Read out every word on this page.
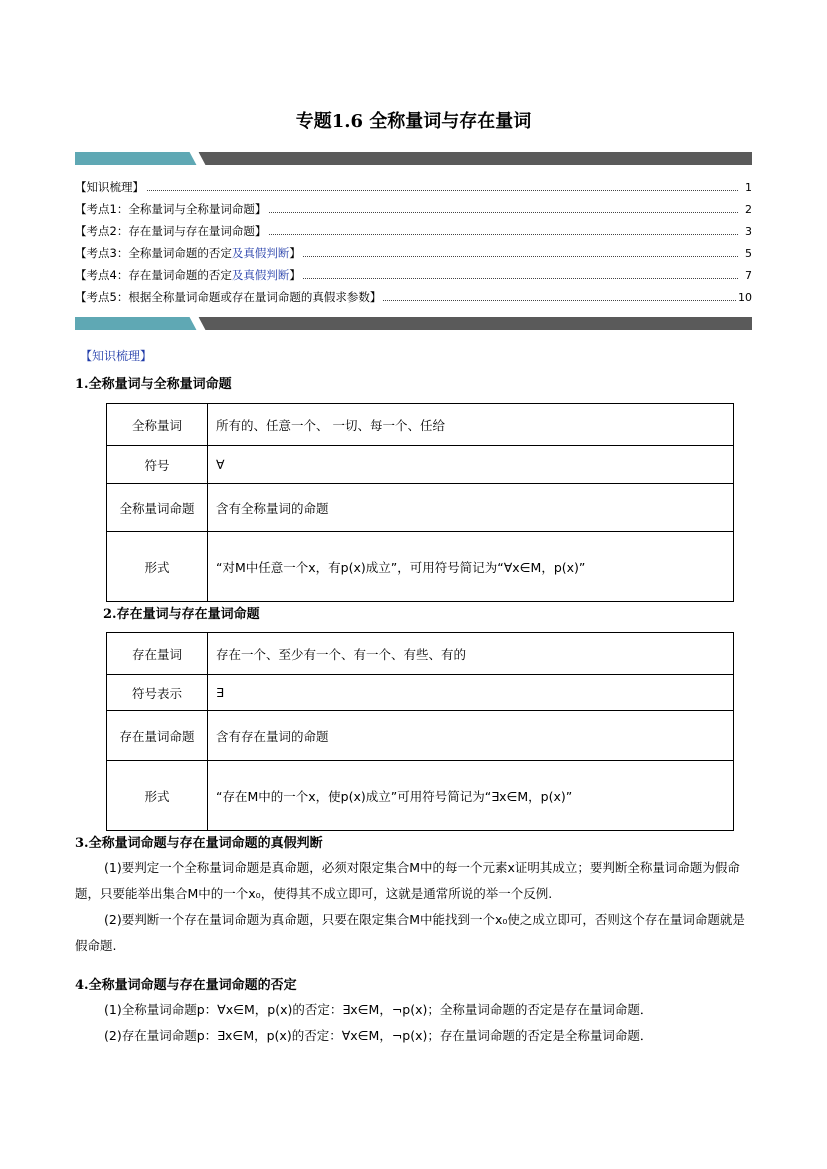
专题1.6 全称量词与存在量词
【知识梳理】	1
【考点1：全称量词与全称量词命题】	2
【考点2：存在量词与存在量词命题】	3
【考点3：全称量词命题的否定及真假判断】	5
【考点4：存在量词命题的否定及真假判断】	7
【考点5：根据全称量词命题或存在量词命题的真假求参数】	10
【知识梳理】
1.全称量词与全称量词命题
全称量词	所有的、任意一个、 一切、每一个、任给
符号	∀
全称量词命题	含有全称量词的命题
形式	“对M中任意一个x，有p(x)成立”，可用符号简记为“∀x∈M，p(x)”
2.存在量词与存在量词命题
存在量词	存在一个、至少有一个、有一个、有些、有的
符号表示	∃
存在量词命题	含有存在量词的命题
形式	“存在M中的一个x，使p(x)成立”可用符号简记为“∃x∈M，p(x)”
3.全称量词命题与存在量词命题的真假判断

(1)要判定一个全称量词命题是真命题，必须对限定集合M中的每一个元素x证明其成立；要判断全称量词命题为假命题，只要能举出集合M中的一个x₀，使得其不成立即可，这就是通常所说的举一个反例.

(2)要判断一个存在量词命题为真命题，只要在限定集合M中能找到一个x₀使之成立即可，否则这个存在量词命题就是假命题.

4.全称量词命题与存在量词命题的否定

(1)全称量词命题p：∀x∈M，p(x)的否定：∃x∈M，¬p(x)；全称量词命题的否定是存在量词命题．

(2)存在量词命题p：∃x∈M，p(x)的否定：∀x∈M，¬p(x)；存在量词命题的否定是全称量词命题．
